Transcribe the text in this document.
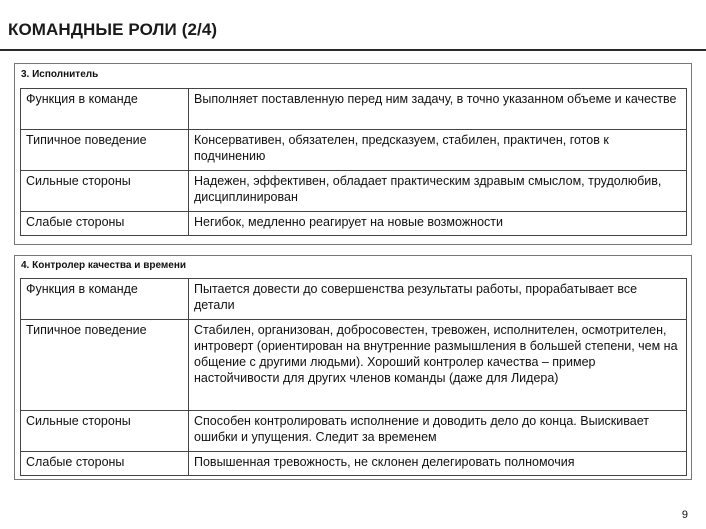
КОМАНДНЫЕ РОЛИ (2/4)
3. Исполнитель
Функция в команде	Выполняет поставленную перед ним задачу, в точно указанном объеме и качестве
Типичное поведение	Консервативен, обязателен, предсказуем, стабилен, практичен, готов к подчинению
Сильные стороны	Надежен, эффективен, обладает практическим здравым смыслом, трудолюбив, дисциплинирован
Слабые стороны	Негибок, медленно реагирует на новые возможности
4. Контролер качества и времени
Функция в команде	Пытается довести до совершенства результаты работы, прорабатывает все детали
Типичное поведение	Стабилен, организован, добросовестен, тревожен, исполнителен, осмотрителен, интроверт (ориентирован на внутренние размышления в большей степени, чем на общение с другими людьми). Хороший контролер качества – пример настойчивости для других членов команды (даже для Лидера)
Сильные стороны	Способен контролировать исполнение и доводить дело до конца. Выискивает ошибки и упущения. Следит за временем
Слабые стороны	Повышенная тревожность, не склонен делегировать полномочия
9
